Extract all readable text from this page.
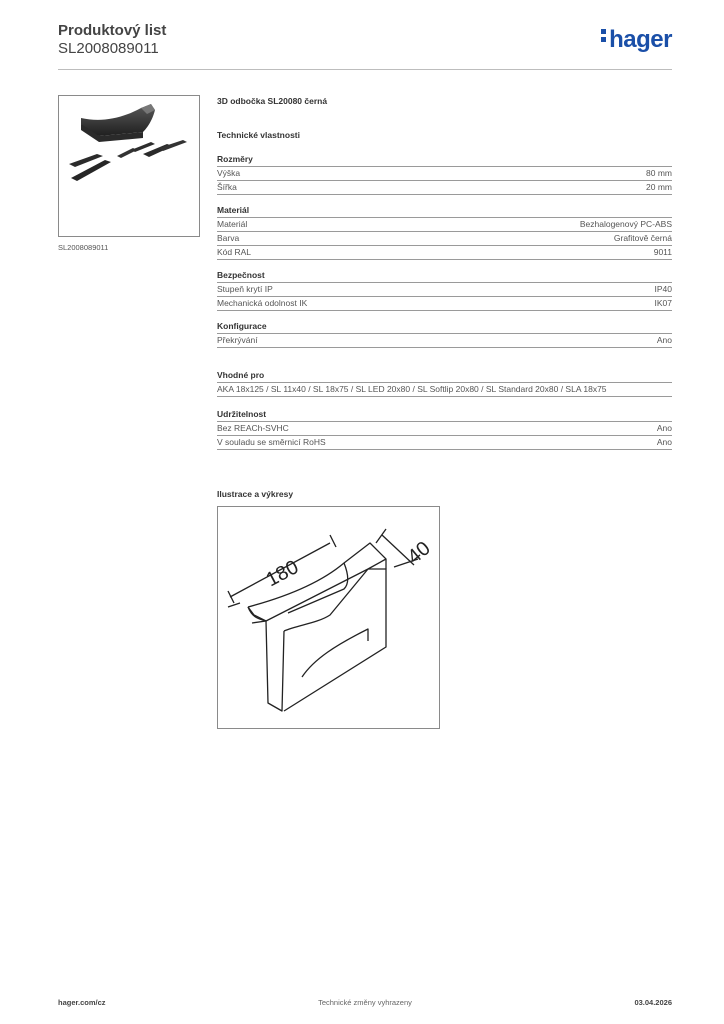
Produktový list
SL2008089011	hager
SL2008089011
3D odbočka SL20080 černá
Technické vlastnosti
Rozměry
Výška	80 mm
Šířka	20 mm
Materiál
Materiál	Bezhalogenový PC-ABS
Barva	Grafitově černá
Kód RAL	9011
Bezpečnost
Stupeň krytí IP	IP40
Mechanická odolnost IK	IK07
Konfigurace
Překrývání	Ano
Vhodné pro
AKA 18x125 / SL 11x40 / SL 18x75 / SL LED 20x80 / SL Softlip 20x80 / SL Standard 20x80 / SLA 18x75
Udržitelnost
Bez REACh-SVHC	Ano
V souladu se směrnicí RoHS	Ano
Ilustrace a výkresy
180
40
hager.com/cz	Technické změny vyhrazeny	03.04.2026
